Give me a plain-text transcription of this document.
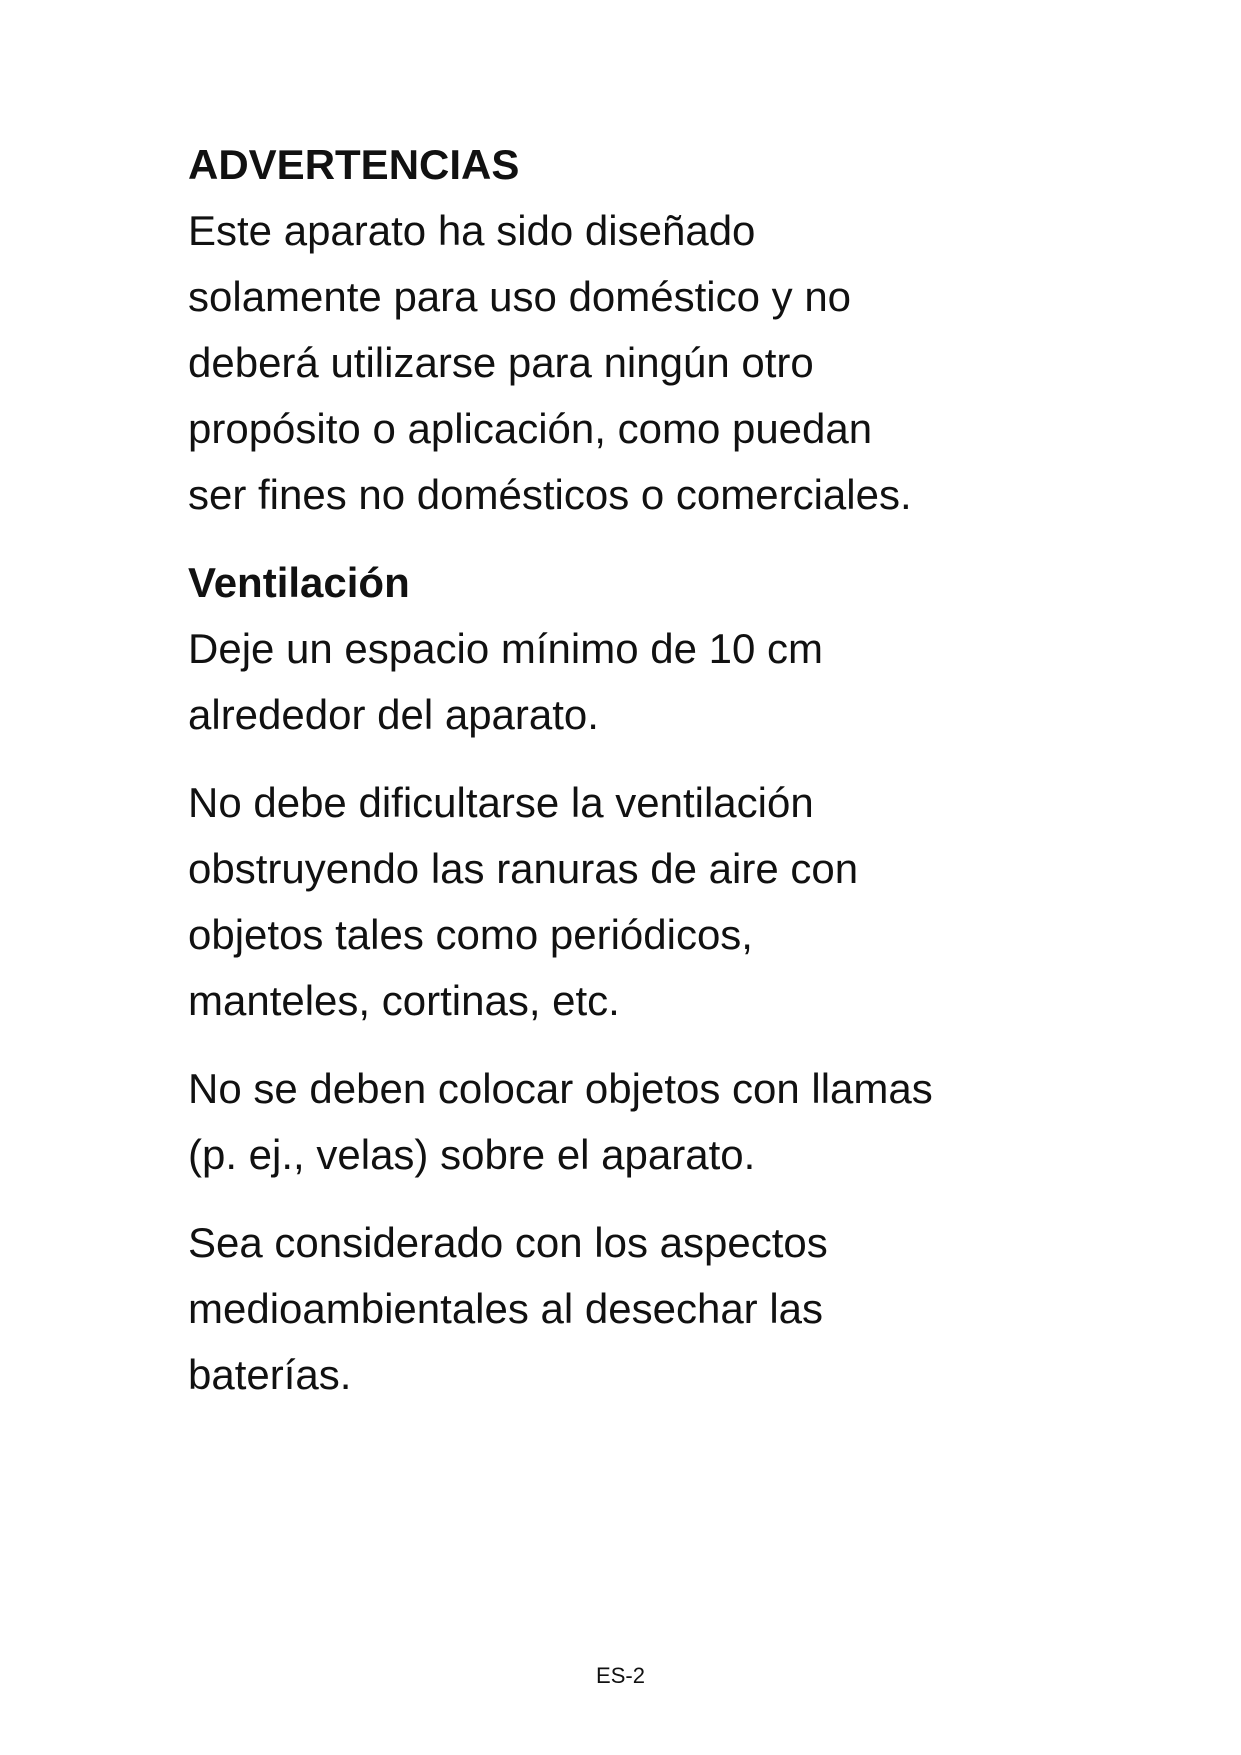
ADVERTENCIAS
Este aparato ha sido diseñado
solamente para uso doméstico y no
deberá utilizarse para ningún otro
propósito o aplicación, como puedan
ser fines no domésticos o comerciales.
Ventilación
Deje un espacio mínimo de 10 cm
alrededor del aparato.
No debe dificultarse la ventilación
obstruyendo las ranuras de aire con
objetos tales como periódicos,
manteles, cortinas, etc.
No se deben colocar objetos con llamas
(p. ej., velas) sobre el aparato.
Sea considerado con los aspectos
medioambientales al desechar las
baterías.
ES-2
